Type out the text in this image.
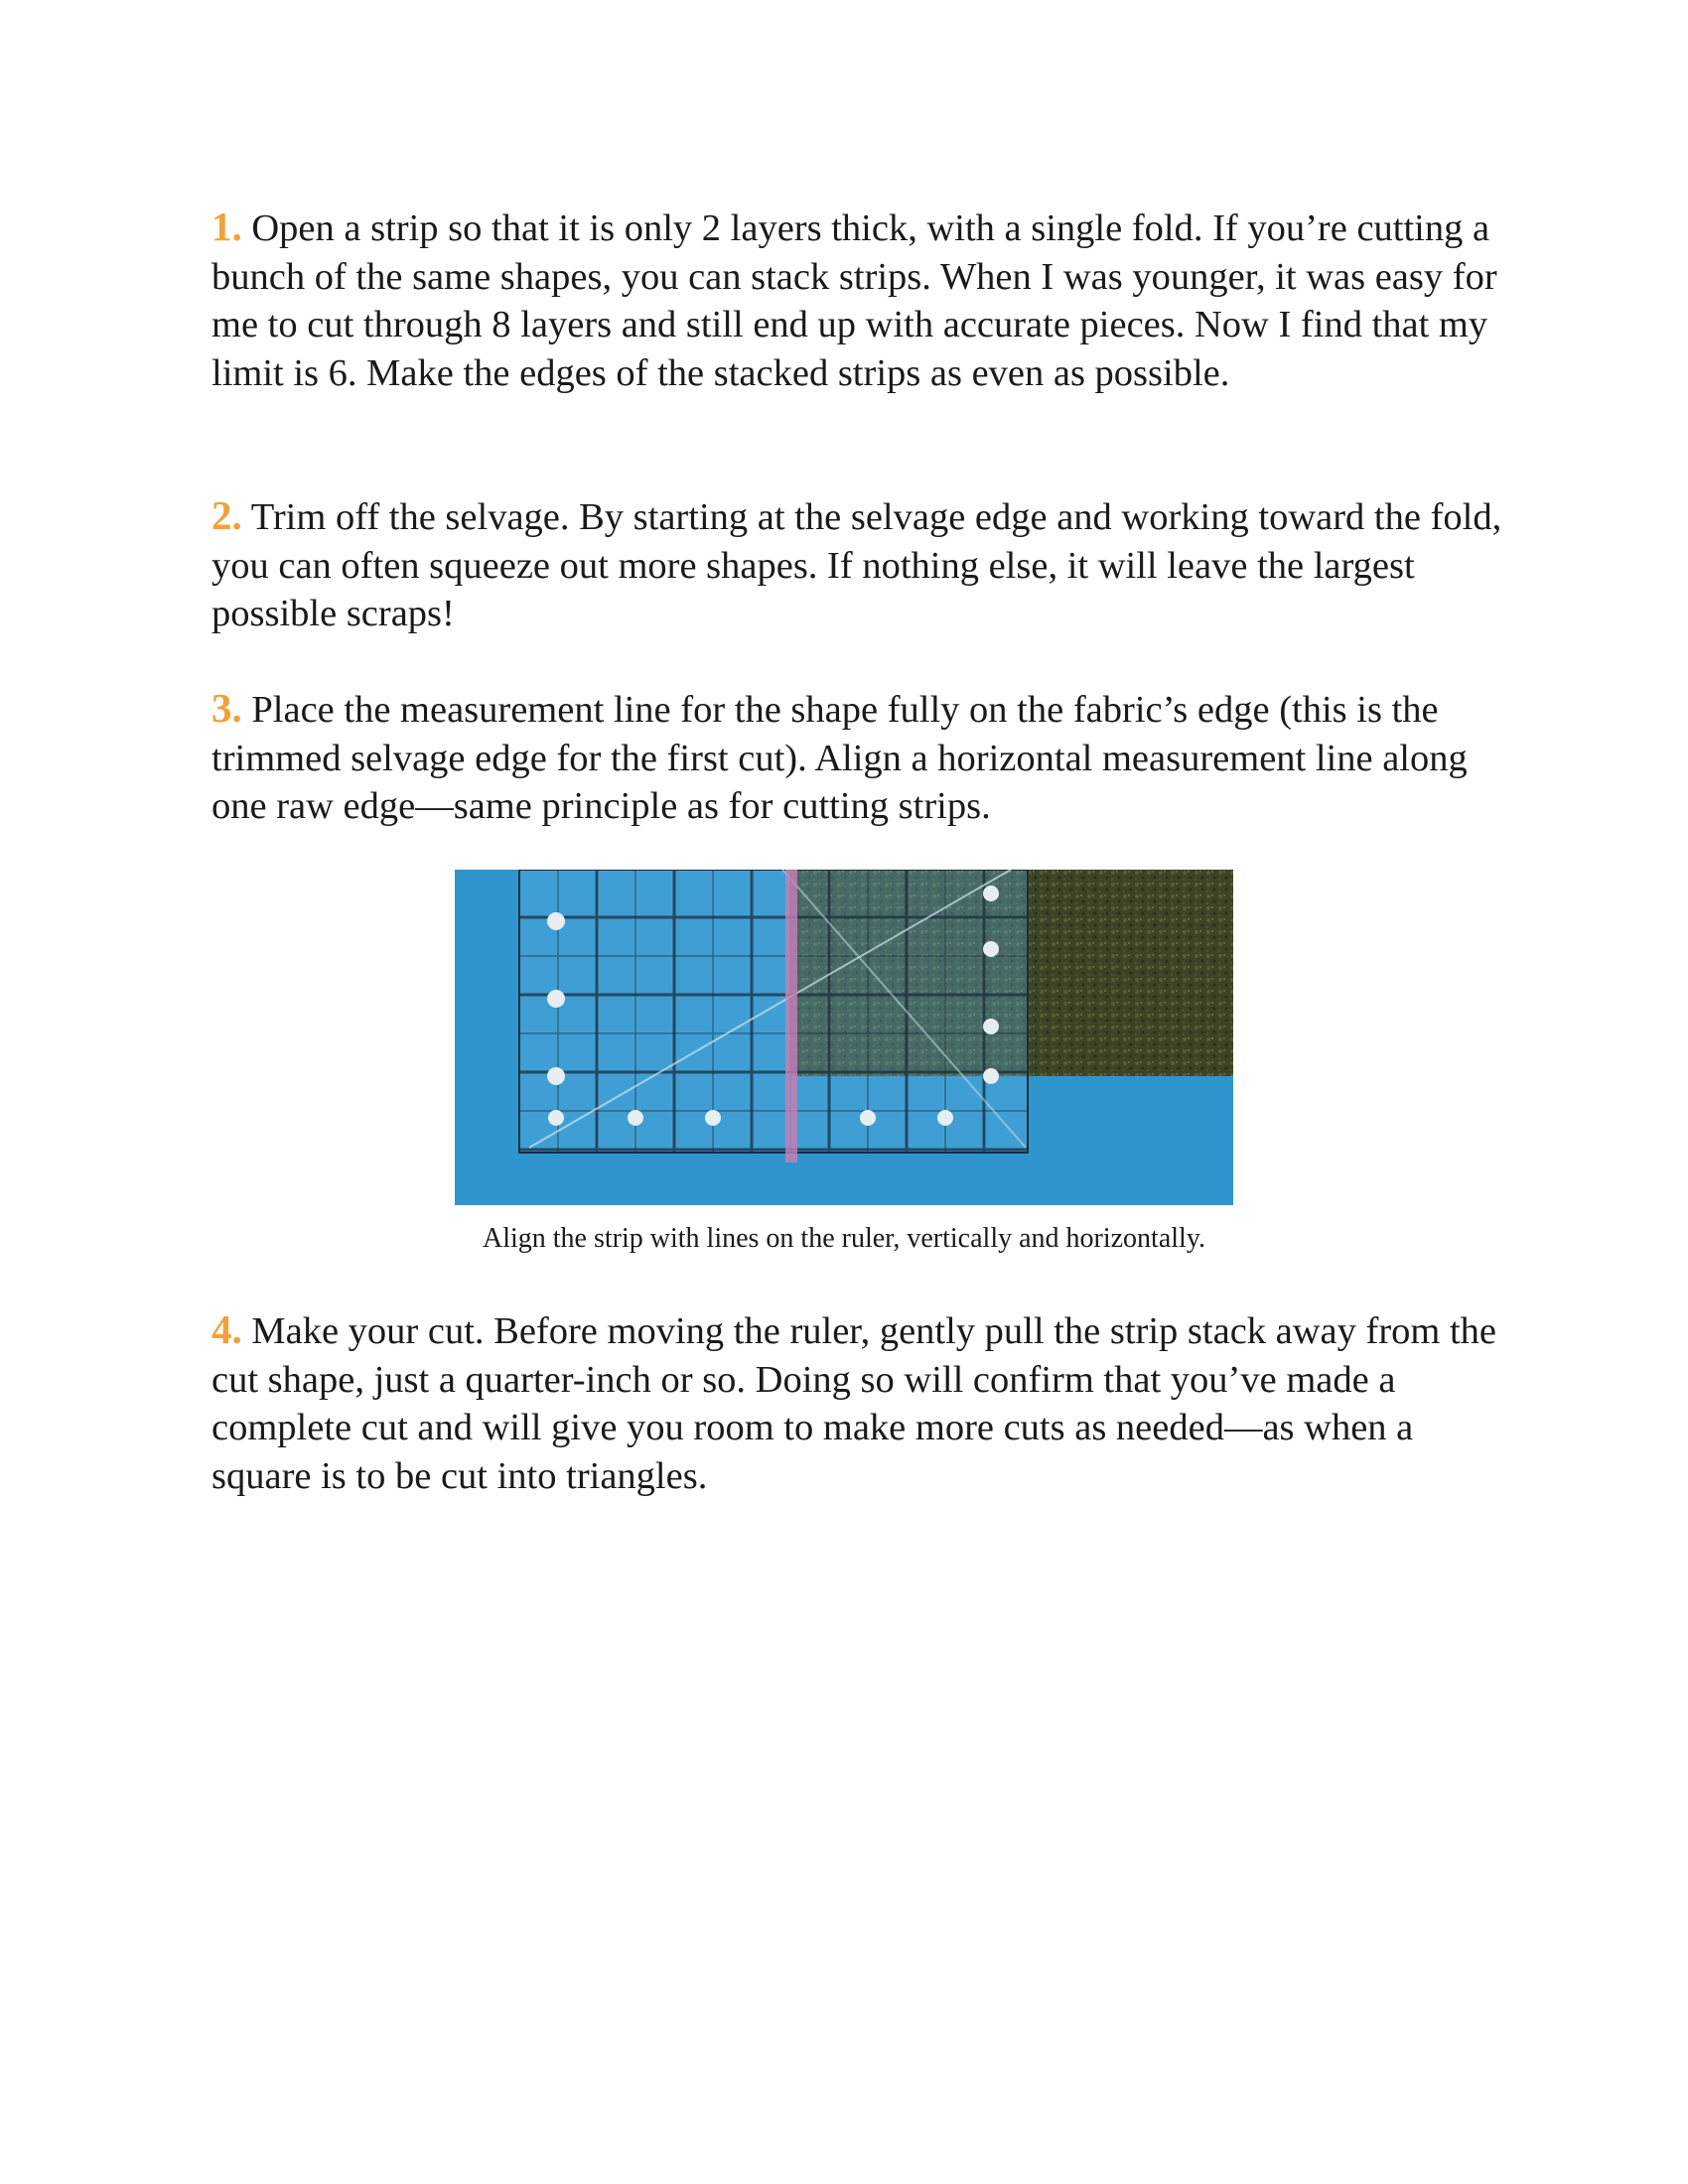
1. Open a strip so that it is only 2 layers thick, with a single fold. If you’re cutting a bunch of the same shapes, you can stack strips. When I was younger, it was easy for me to cut through 8 layers and still end up with accurate pieces. Now I find that my limit is 6. Make the edges of the stacked strips as even as possible.

2. Trim off the selvage. By starting at the selvage edge and working toward the fold, you can often squeeze out more shapes. If nothing else, it will leave the largest possible scraps!

3. Place the measurement line for the shape fully on the fabric’s edge (this is the trimmed selvage edge for the first cut). Align a horizontal measurement line along one raw edge—same principle as for cutting strips.

Align the strip with lines on the ruler, vertically and horizontally.

4. Make your cut. Before moving the ruler, gently pull the strip stack away from the cut shape, just a quarter-inch or so. Doing so will confirm that you’ve made a complete cut and will give you room to make more cuts as needed—as when a square is to be cut into triangles.
